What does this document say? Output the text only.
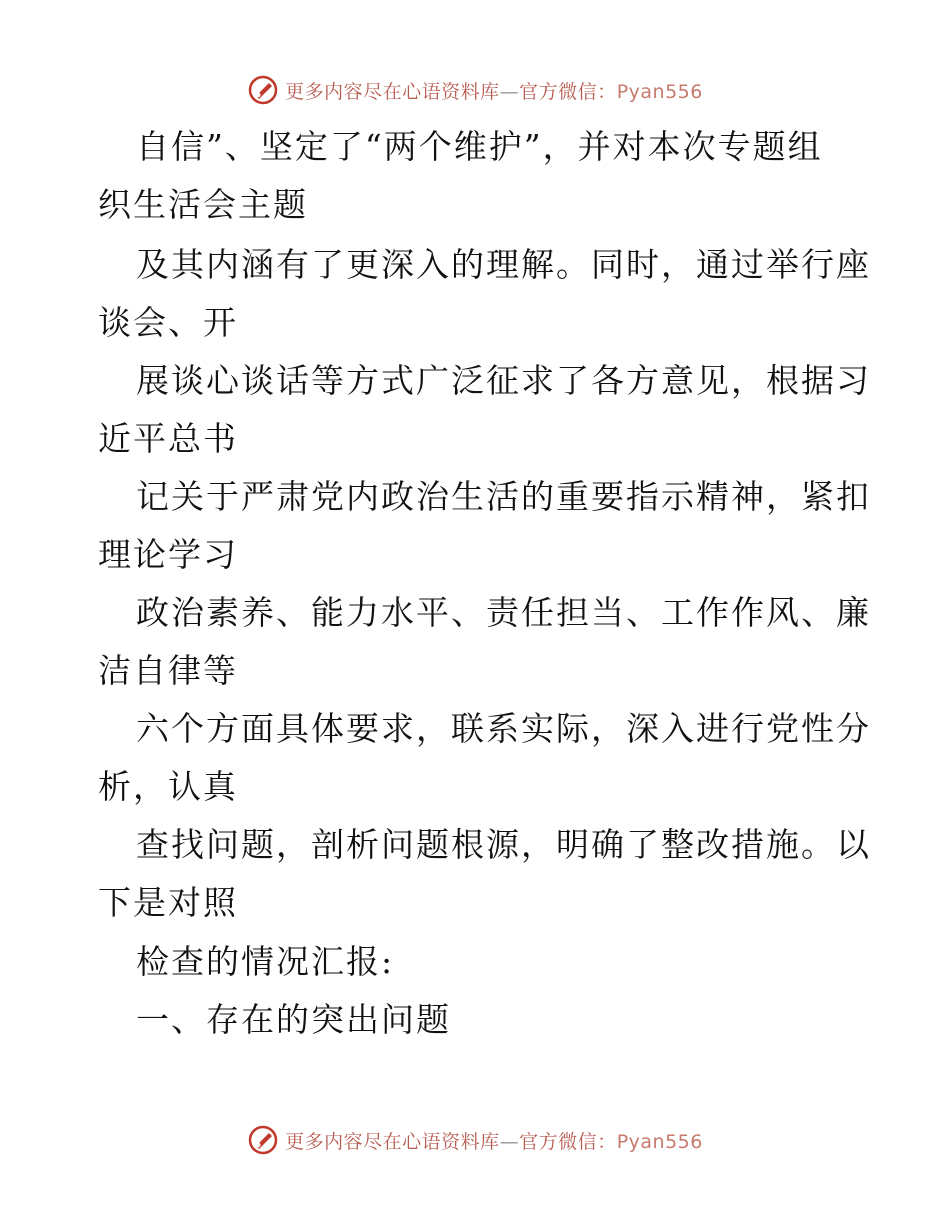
更多内容尽在心语资料库—官方微信：Pyan556
自信”、坚定了“两个维护”，并对本次专题组
织生活会主题
及其内涵有了更深入的理解。同时，通过举行座
谈会、开
展谈心谈话等方式广泛征求了各方意见，根据习
近平总书
记关于严肃党内政治生活的重要指示精神，紧扣
理论学习
政治素养、能力水平、责任担当、工作作风、廉
洁自律等
六个方面具体要求，联系实际，深入进行党性分
析，认真
查找问题，剖析问题根源，明确了整改措施。以
下是对照
检查的情况汇报:
一、存在的突出问题
更多内容尽在心语资料库—官方微信：Pyan556
